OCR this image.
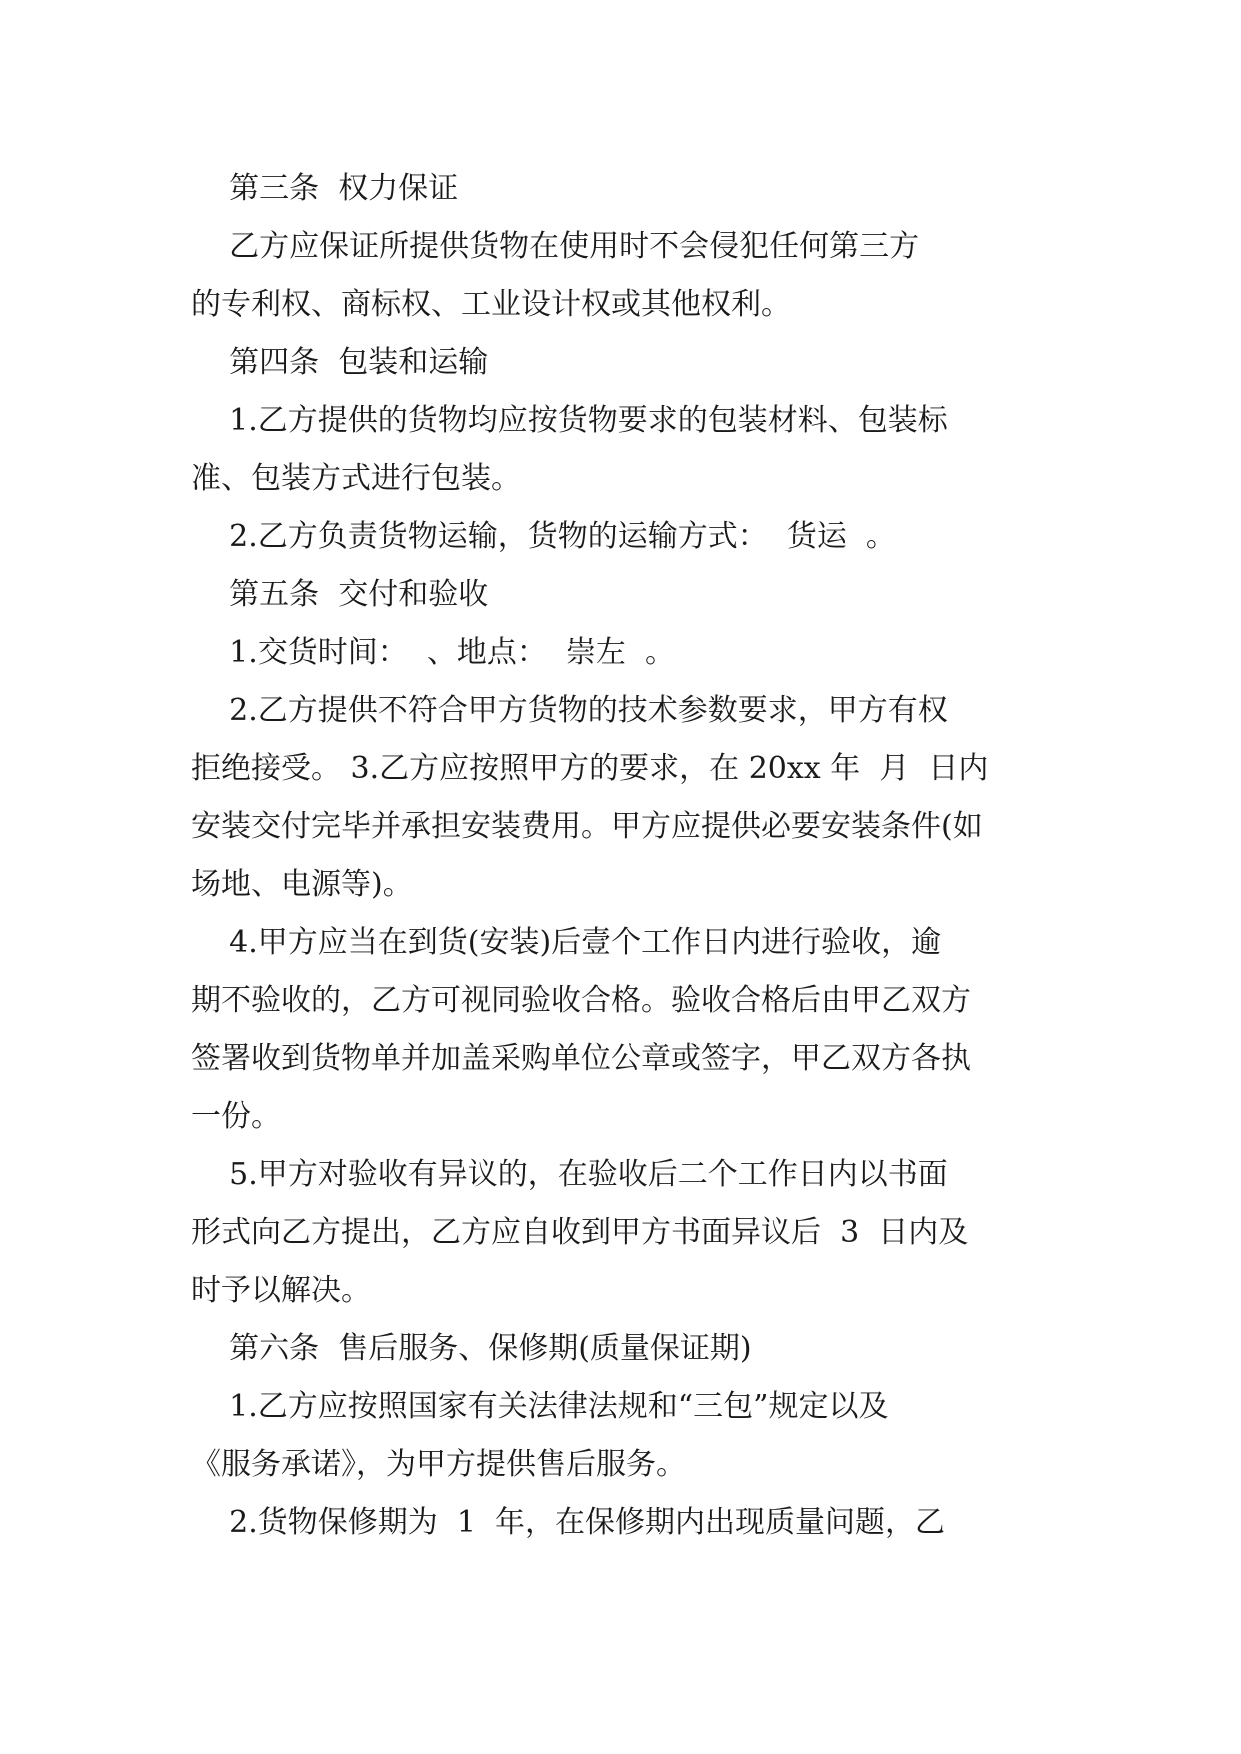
第三条  权力保证
乙方应保证所提供货物在使用时不会侵犯任何第三方
的专利权、商标权、工业设计权或其他权利。
第四条  包装和运输
1.乙方提供的货物均应按货物要求的包装材料、包装标
准、包装方式进行包装。
2.乙方负责货物运输，货物的运输方式：  货运  。
第五条  交付和验收
1.交货时间：  、地点：  崇左  。
2.乙方提供不符合甲方货物的技术参数要求，甲方有权
拒绝接受。 3.乙方应按照甲方的要求，在 20xx 年  月  日内
安装交付完毕并承担安装费用。甲方应提供必要安装条件(如
场地、电源等)。
4.甲方应当在到货(安装)后壹个工作日内进行验收，逾
期不验收的，乙方可视同验收合格。验收合格后由甲乙双方
签署收到货物单并加盖采购单位公章或签字，甲乙双方各执
一份。
5.甲方对验收有异议的，在验收后二个工作日内以书面
形式向乙方提出，乙方应自收到甲方书面异议后  3  日内及
时予以解决。
第六条  售后服务、保修期(质量保证期)
1.乙方应按照国家有关法律法规和“三包”规定以及
《服务承诺》，为甲方提供售后服务。
2.货物保修期为  1  年，在保修期内出现质量问题，乙
